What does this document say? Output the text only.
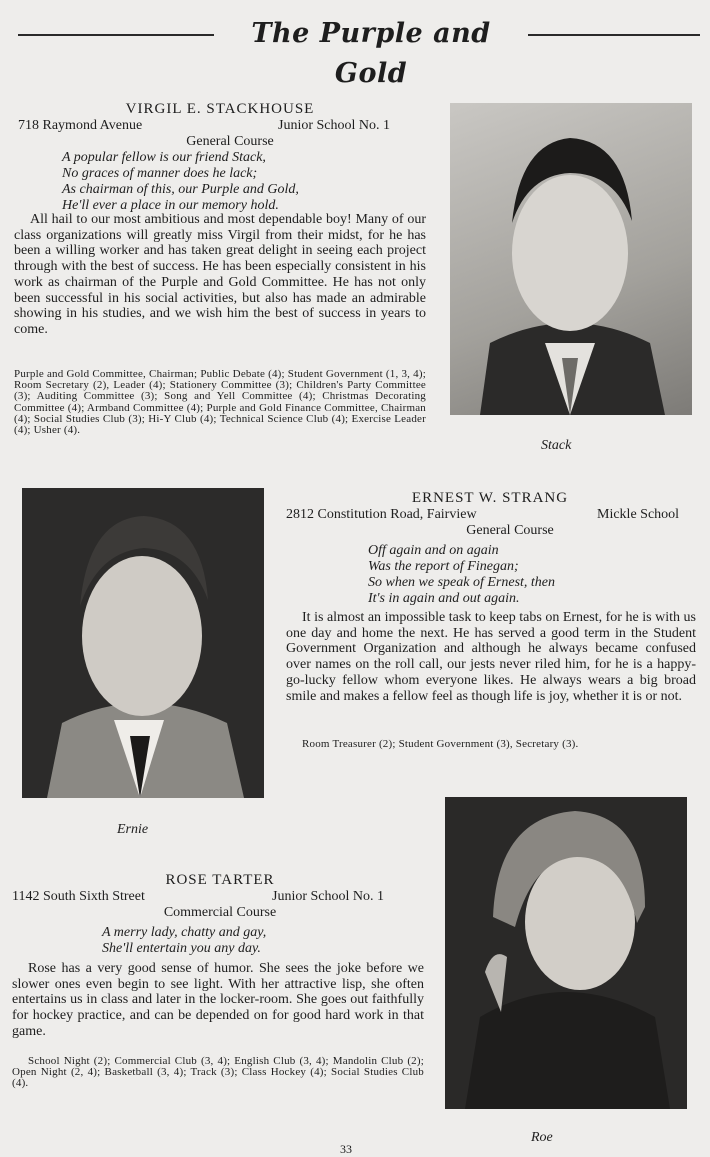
The Purple and Gold
VIRGIL E. STACKHOUSE
718 Raymond Avenue	Junior School No. 1
General Course
A popular fellow is our friend Stack,
No graces of manner does he lack;
As chairman of this, our Purple and Gold,
He'll ever a place in our memory hold.
All hail to our most ambitious and most dependable boy! Many of our class organizations will greatly miss Virgil from their midst, for he has been a willing worker and has taken great delight in seeing each project through with the best of success. He has been especially consistent in his work as chairman of the Purple and Gold Committee. He has not only been successful in his social activities, but also has made an admirable showing in his studies, and we wish him the best of success in years to come.
Purple and Gold Committee, Chairman; Public Debate (4); Student Government (1, 3, 4); Room Secretary (2), Leader (4); Stationery Committee (3); Children's Party Committee (3); Auditing Committee (3); Song and Yell Committee (4); Christmas Decorating Committee (4); Armband Committee (4); Purple and Gold Finance Committee, Chairman (4); Social Studies Club (3); Hi-Y Club (4); Technical Science Club (4); Exercise Leader (4); Usher (4).
Stack
Ernie
ERNEST W. STRANG
2812 Constitution Road, Fairview	Mickle School
General Course
Off again and on again
Was the report of Finegan;
So when we speak of Ernest, then
It's in again and out again.
It is almost an impossible task to keep tabs on Ernest, for he is with us one day and home the next. He has served a good term in the Student Government Organization and although he always became confused over names on the roll call, our jests never riled him, for he is a happy-go-lucky fellow whom everyone likes. He always wears a big broad smile and makes a fellow feel as though life is joy, whether it is or not.
Room Treasurer (2); Student Government (3), Secretary (3).
ROSE TARTER
1142 South Sixth Street	Junior School No. 1
Commercial Course
A merry lady, chatty and gay,
She'll entertain you any day.
Rose has a very good sense of humor. She sees the joke before we slower ones even begin to see light. With her attractive lisp, she often entertains us in class and later in the locker-room. She goes out faithfully for hockey practice, and can be depended on for good hard work in that game.
School Night (2); Commercial Club (3, 4); English Club (3, 4); Mandolin Club (2); Open Night (2, 4); Basketball (3, 4); Track (3); Class Hockey (4); Social Studies Club (4).
Roe
33
